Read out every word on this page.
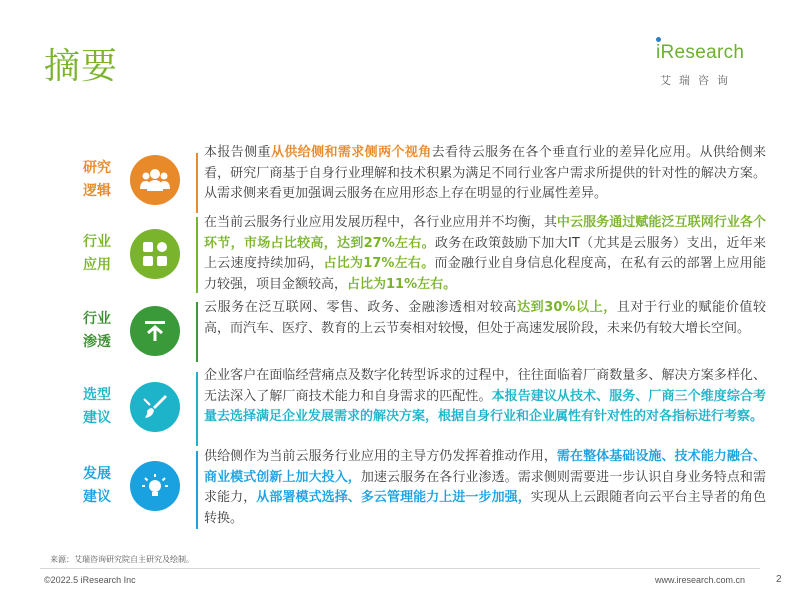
摘要	iResearch
艾瑞咨询
研究
逻辑
本报告侧重从供给侧和需求侧两个视角去看待云服务在各个垂直行业的差异化应用。从供给侧来看，研究厂商基于自身行业理解和技术积累为满足不同行业客户需求所提供的针对性的解决方案。从需求侧来看更加强调云服务在应用形态上存在明显的行业属性差异。
行业
应用
在当前云服务行业应用发展历程中，各行业应用并不均衡，其中云服务通过赋能泛互联网行业各个环节，市场占比较高，达到27%左右。政务在政策鼓励下加大IT（尤其是云服务）支出，近年来上云速度持续加码，占比为17%左右。而金融行业自身信息化程度高，在私有云的部署上应用能力较强，项目金额较高，占比为11%左右。
行业
渗透
云服务在泛互联网、零售、政务、金融渗透相对较高达到30%以上，且对于行业的赋能价值较高，而汽车、医疗、教育的上云节奏相对较慢，但处于高速发展阶段，未来仍有较大增长空间。
选型
建议
企业客户在面临经营痛点及数字化转型诉求的过程中，往往面临着厂商数量多、解决方案多样化、无法深入了解厂商技术能力和自身需求的匹配性。本报告建议从技术、服务、厂商三个维度综合考量去选择满足企业发展需求的解决方案，根据自身行业和企业属性有针对性的对各指标进行考察。
发展
建议
供给侧作为当前云服务行业应用的主导方仍发挥着推动作用，需在整体基础设施、技术能力融合、商业模式创新上加大投入，加速云服务在各行业渗透。需求侧则需要进一步认识自身业务特点和需求能力，从部署模式选择、多云管理能力上进一步加强，实现从上云跟随者向云平台主导者的角色转换。
来源：艾瑞咨询研究院自主研究及绘制。
©2022.5 iResearch Inc	www.iresearch.com.cn	2
